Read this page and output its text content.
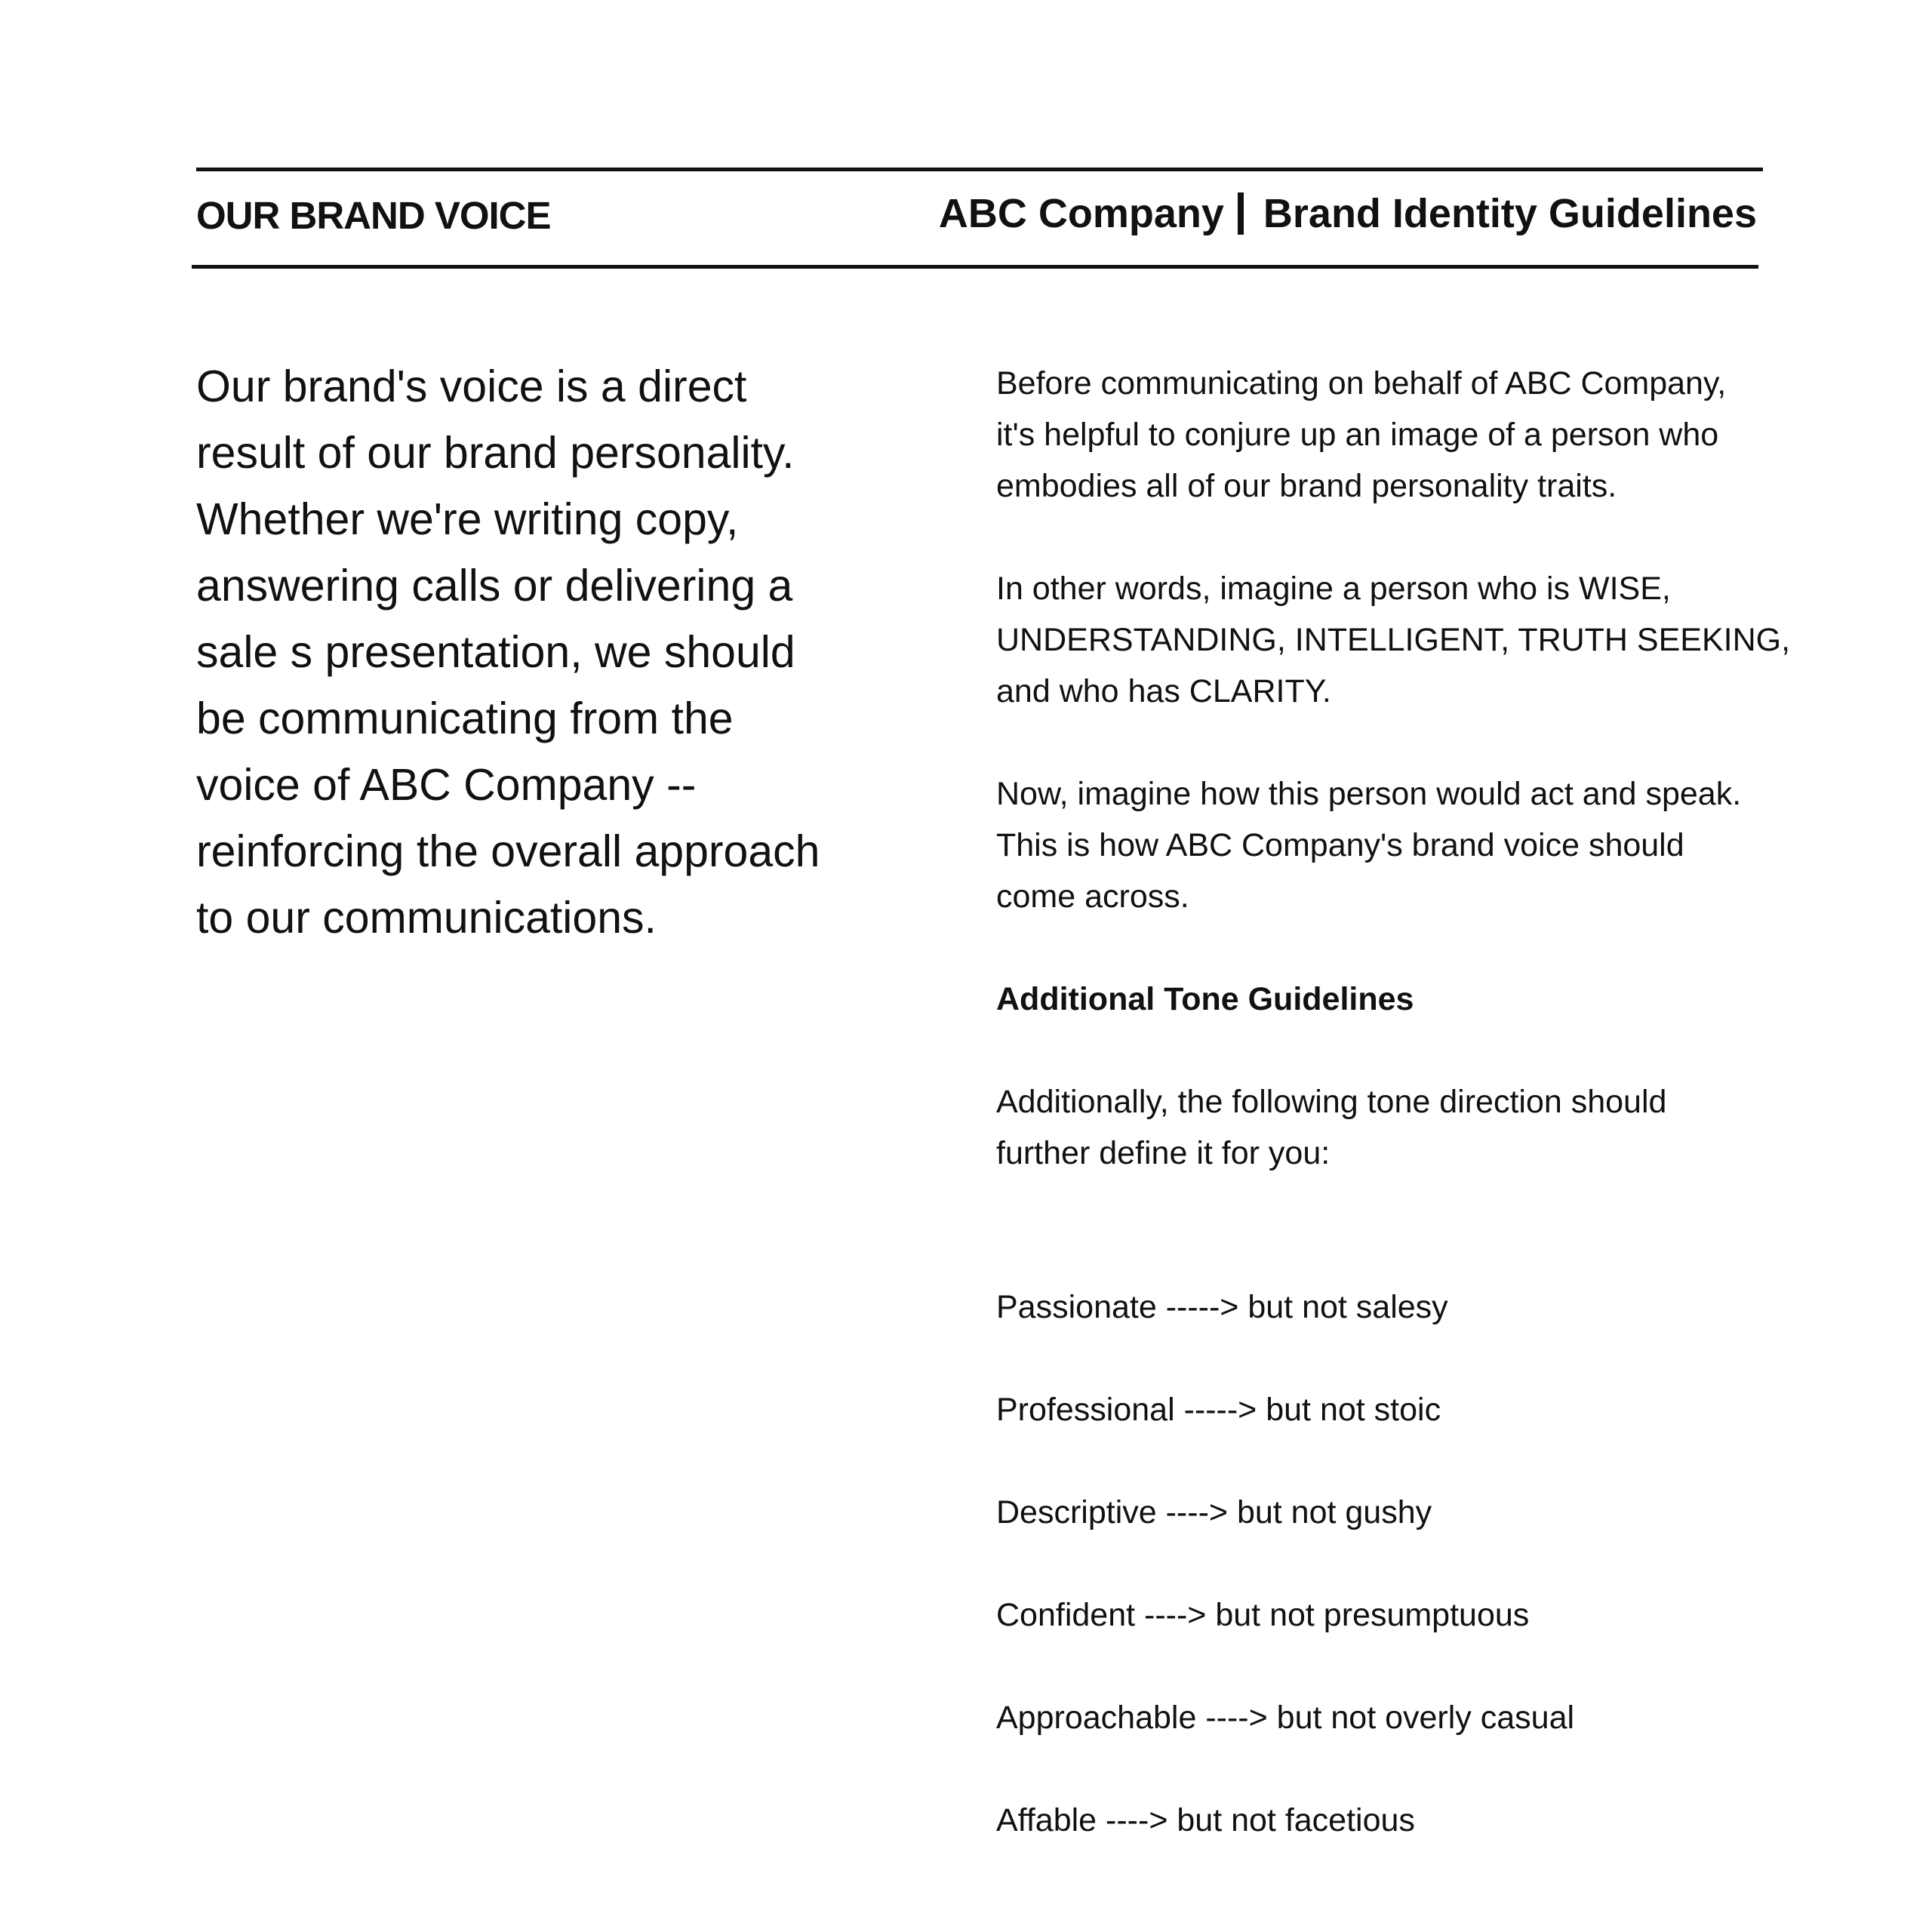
OUR BRAND VOICE	ABC Company Brand Identity Guidelines

Our brand's voice is a direct
result of our brand personality.
Whether we're writing copy,
answering calls or delivering a
sale s presentation, we should
be communicating from the
voice of ABC Company --
reinforcing the overall approach
to our communications.

Before communicating on behalf of ABC Company,
it's helpful to conjure up an image of a person who
embodies all of our brand personality traits.

In other words, imagine a person who is WISE,
UNDERSTANDING, INTELLIGENT, TRUTH SEEKING,
and who has CLARITY.

Now, imagine how this person would act and speak.
This is how ABC Company's brand voice should
come across.

Additional Tone Guidelines

Additionally, the following tone direction should
further define it for you:

Passionate -----> but not salesy
Professional -----> but not stoic
Descriptive ----> but not gushy
Confident ----> but not presumptuous
Approachable ----> but not overly casual
Affable ----> but not facetious
